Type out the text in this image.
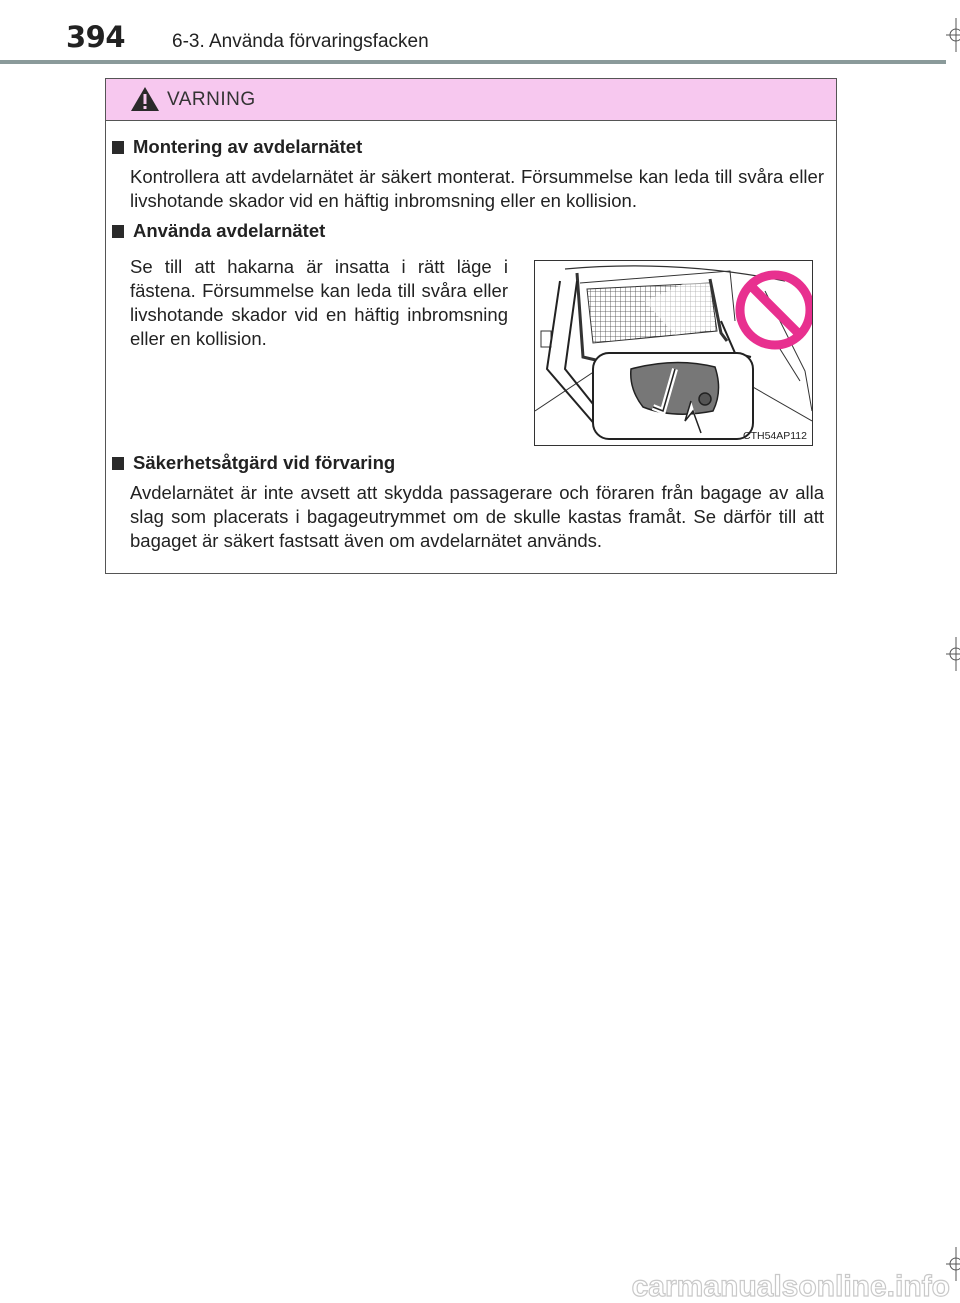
394 6-3. Använda förvaringsfacken
VARNING
Montering av avdelarnätet
Kontrollera att avdelarnätet är säkert monterat. Försummelse kan leda till svåra eller livshotande skador vid en häftig inbromsning eller en kollision.
Använda avdelarnätet
Se till att hakarna är insatta i rätt läge i fästena. Försummelse kan leda till svåra eller livshotande skador vid en häftig inbromsning eller en kollision.
CTH54AP112
Säkerhetsåtgärd vid förvaring
Avdelarnätet är inte avsett att skydda passagerare och föraren från bagage av alla slag som placerats i bagageutrymmet om de skulle kastas framåt. Se därför till att bagaget är säkert fastsatt även om avdelarnätet används.
carmanualsonline.info
